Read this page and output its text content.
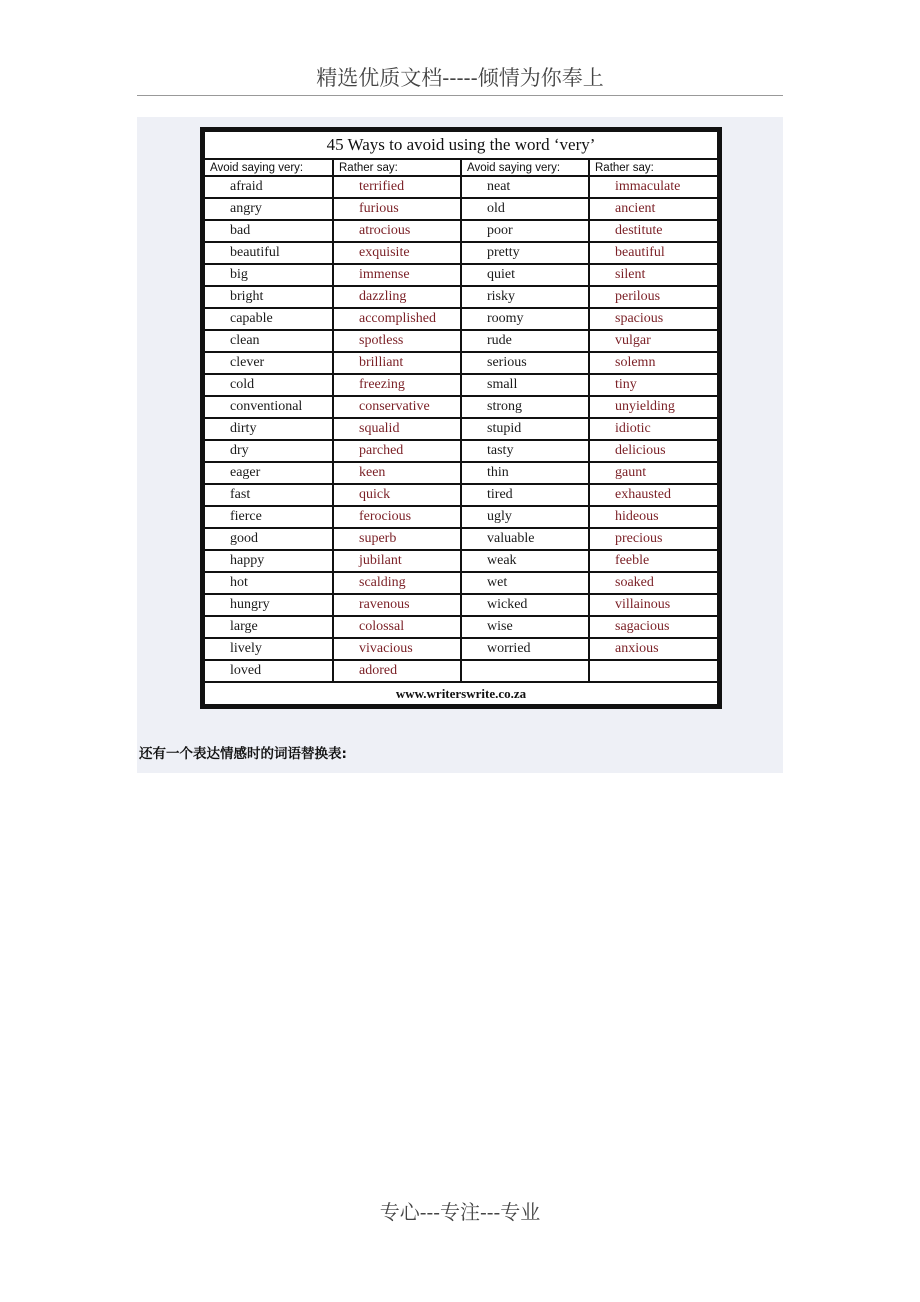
精选优质文档-----倾情为你奉上
45 Ways to avoid using the word ‘very’
Avoid saying very:	Rather say:	Avoid saying very:	Rather say:
afraid	terrified	neat	immaculate
angry	furious	old	ancient
bad	atrocious	poor	destitute
beautiful	exquisite	pretty	beautiful
big	immense	quiet	silent
bright	dazzling	risky	perilous
capable	accomplished	roomy	spacious
clean	spotless	rude	vulgar
clever	brilliant	serious	solemn
cold	freezing	small	tiny
conventional	conservative	strong	unyielding
dirty	squalid	stupid	idiotic
dry	parched	tasty	delicious
eager	keen	thin	gaunt
fast	quick	tired	exhausted
fierce	ferocious	ugly	hideous
good	superb	valuable	precious
happy	jubilant	weak	feeble
hot	scalding	wet	soaked
hungry	ravenous	wicked	villainous
large	colossal	wise	sagacious
lively	vivacious	worried	anxious
loved	adored		
www.writerswrite.co.za
还有一个表达情感时的词语替换表:
专心---专注---专业
